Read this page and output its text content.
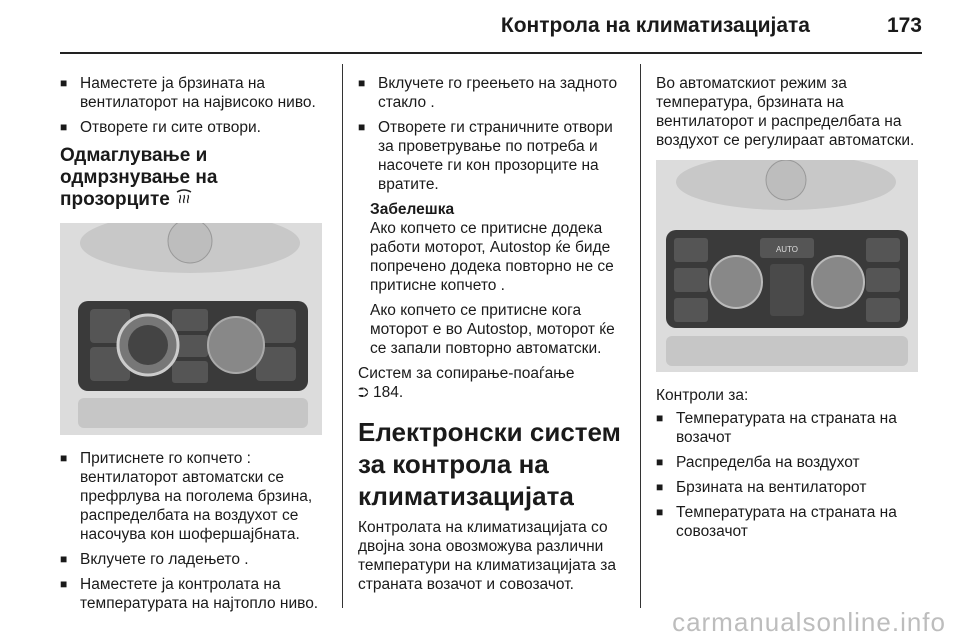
Контрола на климатизацијата	173
■ Наместете ја брзината на вентилаторот на највисоко ниво.
■ Отворете ги сите отвори.
Одмаглување и одмрзнување на прозорците
■ Притиснете го копчето : вентилаторот автоматски се префрлува на поголема брзина, распределбата на воздухот се насочува кон шофершајбната.
■ Вклучете го ладењето .
■ Наместете ја контролата на температурата на најтопло ниво.
■ Вклучете го греењето на задното стакло .
■ Отворете ги страничните отвори за проветрување по потреба и насочете ги кон прозорците на вратите.
Забелешка
Ако копчето се притисне додека работи моторот, Autostop ќе биде попречено додека повторно не се притисне копчето .
Ако копчето се притисне кога моторот е во Autostop, моторот ќе се запали повторно автоматски.
Систем за сопирање-поаѓање
⮊ 184.
Електронски систем за контрола на климатизацијата
Контролата на климатизацијата со двојна зона овозможува различни температури на климатизацијата за страната возачот и совозачот.
Во автоматскиот режим за температура, брзината на вентилаторот и распределбата на воздухот се регулираат автоматски.
AUTO
Контроли за:
■ Температурата на страната на возачот
■ Распределба на воздухот
■ Брзината на вентилаторот
■ Температурата на страната на совозачот
carmanualsonline.info
